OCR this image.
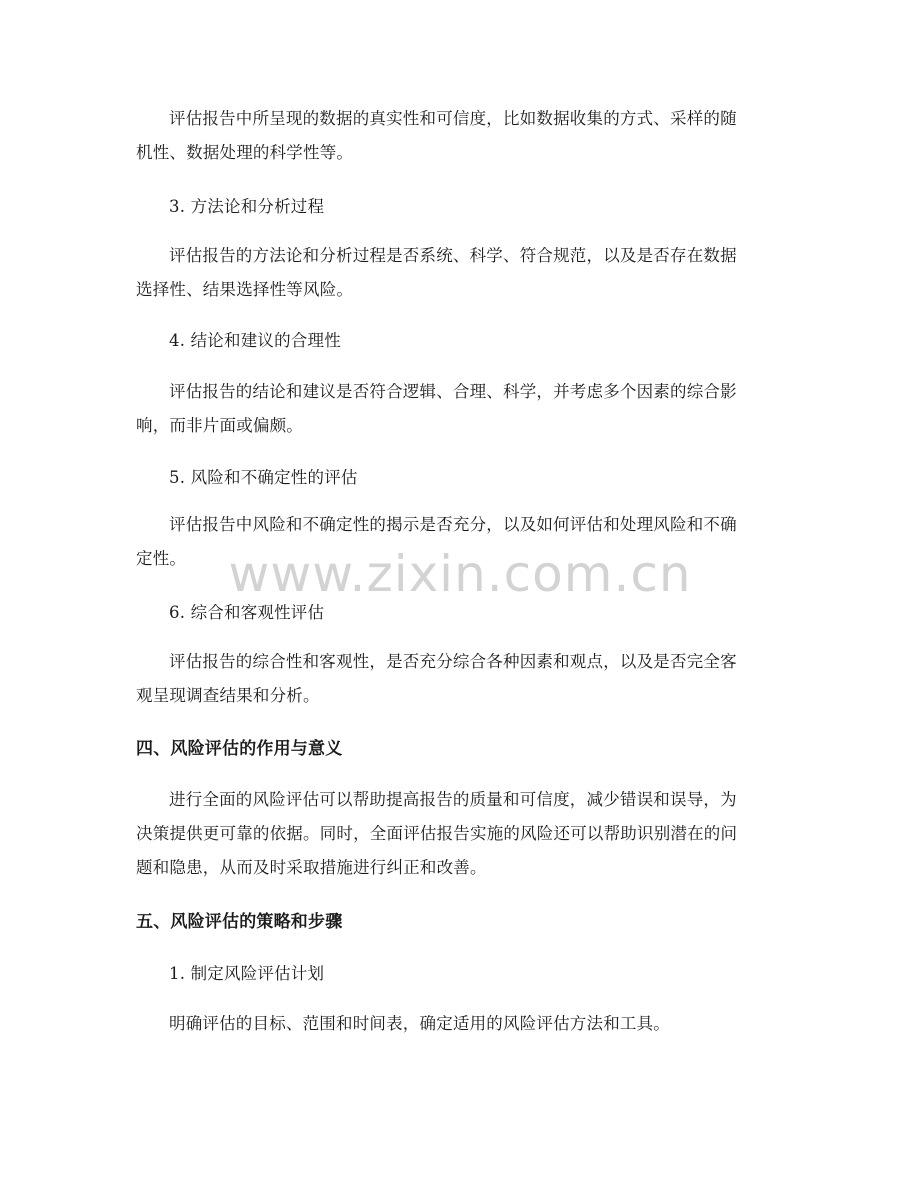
评估报告中所呈现的数据的真实性和可信度，比如数据收集的方式、采样的随
机性、数据处理的科学性等。
3. 方法论和分析过程
评估报告的方法论和分析过程是否系统、科学、符合规范，以及是否存在数据
选择性、结果选择性等风险。
4. 结论和建议的合理性
评估报告的结论和建议是否符合逻辑、合理、科学，并考虑多个因素的综合影
响，而非片面或偏颇。
5. 风险和不确定性的评估
评估报告中风险和不确定性的揭示是否充分，以及如何评估和处理风险和不确
定性。
6. 综合和客观性评估
评估报告的综合性和客观性，是否充分综合各种因素和观点，以及是否完全客
观呈现调查结果和分析。
四、风险评估的作用与意义
进行全面的风险评估可以帮助提高报告的质量和可信度，减少错误和误导，为
决策提供更可靠的依据。同时，全面评估报告实施的风险还可以帮助识别潜在的问
题和隐患，从而及时采取措施进行纠正和改善。
五、风险评估的策略和步骤
1. 制定风险评估计划
明确评估的目标、范围和时间表，确定适用的风险评估方法和工具。
www.zixin.com.cn
